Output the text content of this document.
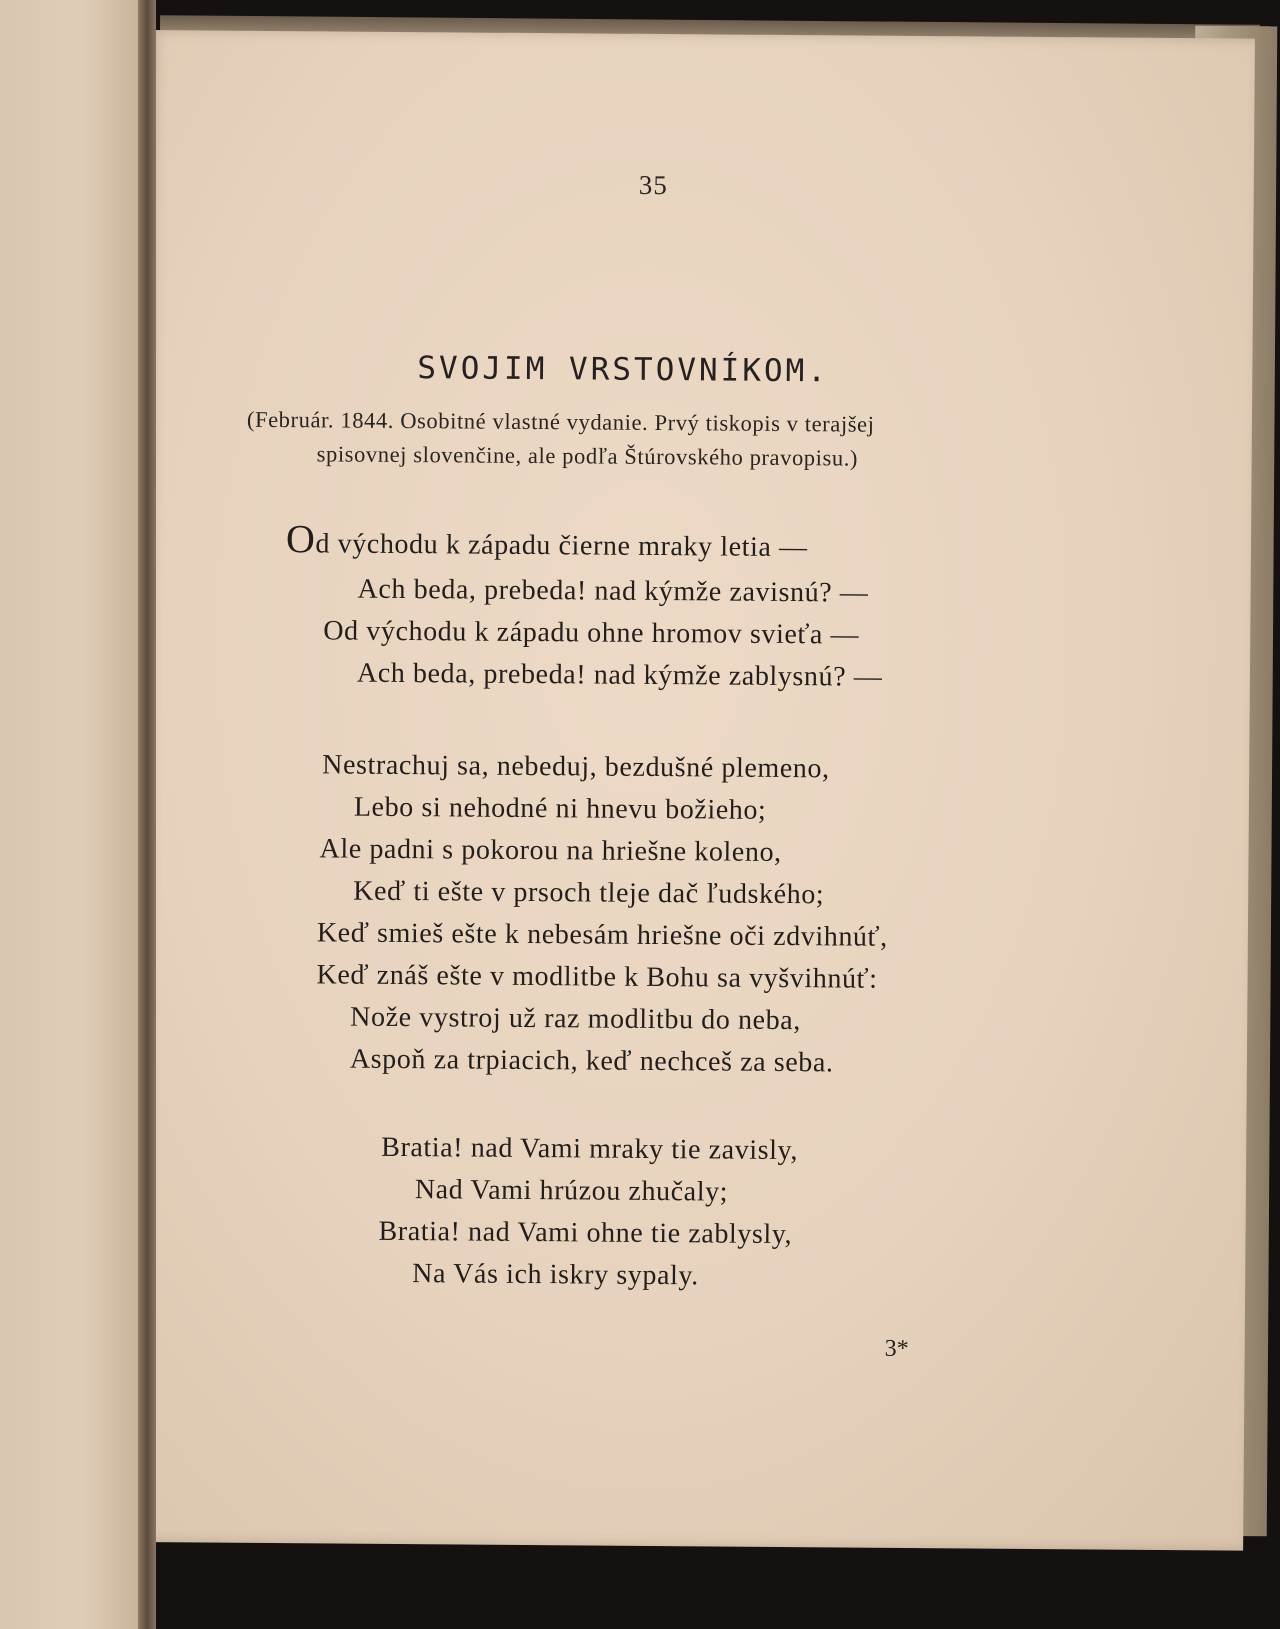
35
SVOJIM VRSTOVNÍKOM.
(Február. 1844. Osobitné vlastné vydanie. Prvý tiskopis v terajšej
spisovnej slovenčine, ale podľa Štúrovského pravopisu.)
Od východu k západu čierne mraky letia —
Ach beda, prebeda! nad kýmže zavisnú? —
Od východu k západu ohne hromov svieťa —
Ach beda, prebeda! nad kýmže zablysnú? —
Nestrachuj sa, nebeduj, bezdušné plemeno,
Lebo si nehodné ni hnevu božieho;
Ale padni s pokorou na hriešne koleno,
Keď ti ešte v prsoch tleje dač ľudského;
Keď smieš ešte k nebesám hriešne oči zdvihnúť,
Keď znáš ešte v modlitbe k Bohu sa vyšvihnúť:
Nože vystroj už raz modlitbu do neba,
Aspoň za trpiacich, keď nechceš za seba.
Bratia! nad Vami mraky tie zavisly,
Nad Vami hrúzou zhučaly;
Bratia! nad Vami ohne tie zablysly,
Na Vás ich iskry sypaly.
3*
